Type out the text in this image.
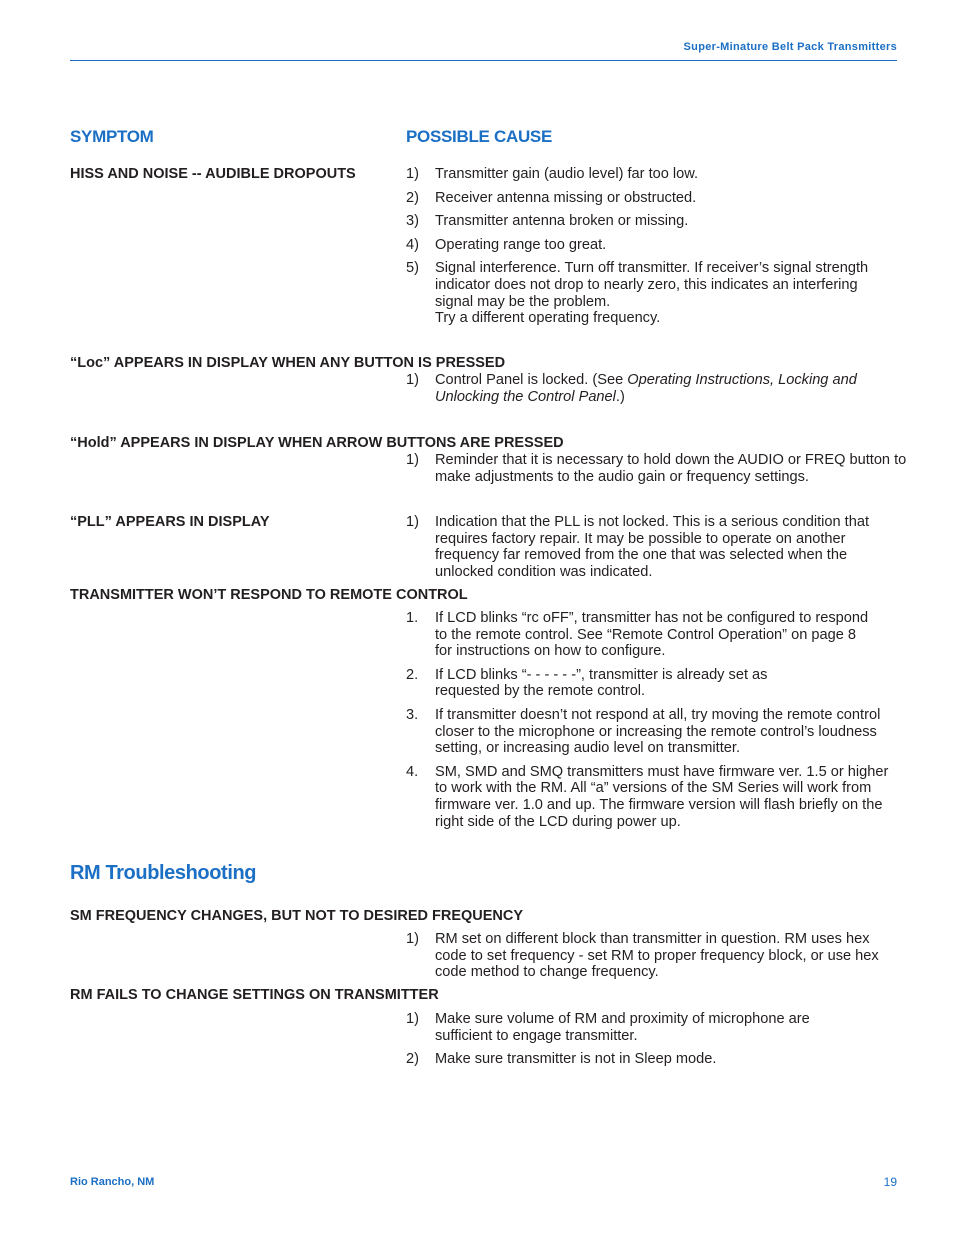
Super-Minature Belt Pack Transmitters
SYMPTOM	POSSIBLE CAUSE
HISS AND NOISE -- AUDIBLE DROPOUTS	1)	Transmitter gain (audio level) far too low.
2)	Receiver antenna missing or obstructed.
3)	Transmitter antenna broken or missing.
4)	Operating range too great.
5)	Signal interference. Turn off transmitter. If receiver’s signal strength indicator does not drop to nearly zero, this indicates an interfering signal may be the problem.
Try a different operating frequency.
“Loc” APPEARS IN DISPLAY WHEN ANY BUTTON IS PRESSED
1)	Control Panel is locked. (See Operating Instructions, Locking and Unlocking the Control Panel.)
“Hold” APPEARS IN DISPLAY WHEN ARROW BUTTONS ARE PRESSED
1)	Reminder that it is necessary to hold down the AUDIO or FREQ button to make adjustments to the audio gain or frequency settings.
“PLL” APPEARS IN DISPLAY	1)	Indication that the PLL is not locked. This is a serious condition that requires factory repair. It may be possible to operate on another frequency far removed from the one that was selected when the unlocked condition was indicated.
TRANSMITTER WON’T RESPOND TO REMOTE CONTROL
1.	If LCD blinks “rc oFF”, transmitter has not be configured to respond to the remote control. See “Remote Control Operation” on page 8 for instructions on how to configure.
2.	If LCD blinks “- - - - - -”, transmitter is already set as requested by the remote control.
3.	If transmitter doesn’t not respond at all, try moving the remote control closer to the microphone or increasing the remote control’s loudness setting, or increasing audio level on transmitter.
4.	SM, SMD and SMQ transmitters must have firmware ver. 1.5 or higher to work with the RM. All “a” versions of the SM Series will work from firmware ver. 1.0 and up. The firmware version will flash briefly on the right side of the LCD during power up.
RM Troubleshooting
SM FREQUENCY CHANGES, BUT NOT TO DESIRED FREQUENCY
1)	RM set on different block than transmitter in question. RM uses hex code to set frequency - set RM to proper frequency block, or use hex code method to change frequency.
RM FAILS TO CHANGE SETTINGS ON TRANSMITTER
1)	Make sure volume of RM and proximity of microphone are sufficient to engage transmitter.
2)	Make sure transmitter is not in Sleep mode.
Rio Rancho, NM	19
